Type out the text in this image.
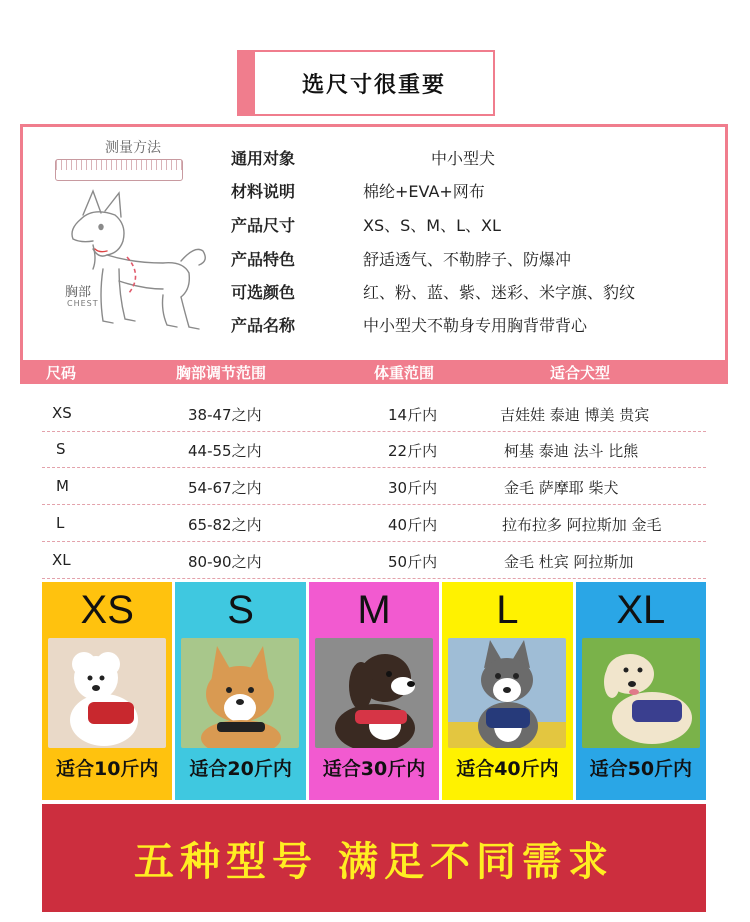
选尺寸很重要
测量方法
胸部
CHEST
通用对象	中小型犬
材料说明	棉纶+EVA+网布
产品尺寸	XS、S、M、L、XL
产品特色	舒适透气、不勒脖子、防爆冲
可选颜色	红、粉、蓝、紫、迷彩、米字旗、豹纹
产品名称	中小型犬不勒身专用胸背带背心
尺码	胸部调节范围	体重范围	适合犬型
XS	38-47之内	14斤内	吉娃娃 泰迪 博美 贵宾
S	44-55之内	22斤内	柯基 泰迪 法斗 比熊
M	54-67之内	30斤内	金毛 萨摩耶 柴犬
L	65-82之内	40斤内	拉布拉多 阿拉斯加 金毛
XL	80-90之内	50斤内	金毛 杜宾 阿拉斯加
XS
适合10斤内
S
适合20斤内
M
适合30斤内
L
适合40斤内
XL
适合50斤内
五种型号 满足不同需求
